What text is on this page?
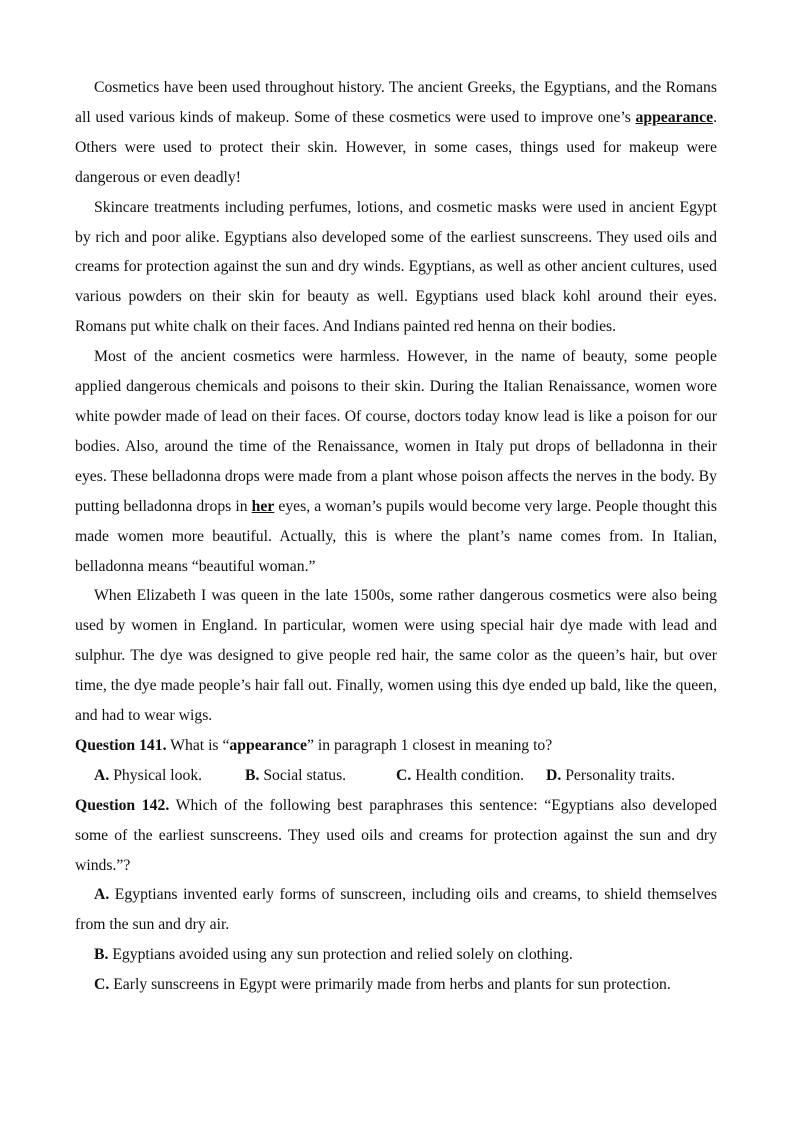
Cosmetics have been used throughout history. The ancient Greeks, the Egyptians, and the Romans all used various kinds of makeup. Some of these cosmetics were used to improve one’s appearance. Others were used to protect their skin. However, in some cases, things used for makeup were dangerous or even deadly!

Skincare treatments including perfumes, lotions, and cosmetic masks were used in ancient Egypt by rich and poor alike. Egyptians also developed some of the earliest sunscreens. They used oils and creams for protection against the sun and dry winds. Egyptians, as well as other ancient cultures, used various powders on their skin for beauty as well. Egyptians used black kohl around their eyes. Romans put white chalk on their faces. And Indians painted red henna on their bodies.

Most of the ancient cosmetics were harmless. However, in the name of beauty, some people applied dangerous chemicals and poisons to their skin. During the Italian Renaissance, women wore white powder made of lead on their faces. Of course, doctors today know lead is like a poison for our bodies. Also, around the time of the Renaissance, women in Italy put drops of belladonna in their eyes. These belladonna drops were made from a plant whose poison affects the nerves in the body. By putting belladonna drops in her eyes, a woman’s pupils would become very large. People thought this made women more beautiful. Actually, this is where the plant’s name comes from. In Italian, belladonna means “beautiful woman.”

When Elizabeth I was queen in the late 1500s, some rather dangerous cosmetics were also being used by women in England. In particular, women were using special hair dye made with lead and sulphur. The dye was designed to give people red hair, the same color as the queen’s hair, but over time, the dye made people’s hair fall out. Finally, women using this dye ended up bald, like the queen, and had to wear wigs.

Question 141. What is “appearance” in paragraph 1 closest in meaning to?

A. Physical look.	B. Social status.	C. Health condition.	D. Personality traits.

Question 142. Which of the following best paraphrases this sentence: “Egyptians also developed some of the earliest sunscreens. They used oils and creams for protection against the sun and dry winds.”?

A. Egyptians invented early forms of sunscreen, including oils and creams, to shield themselves from the sun and dry air.

B. Egyptians avoided using any sun protection and relied solely on clothing.

C. Early sunscreens in Egypt were primarily made from herbs and plants for sun protection.
